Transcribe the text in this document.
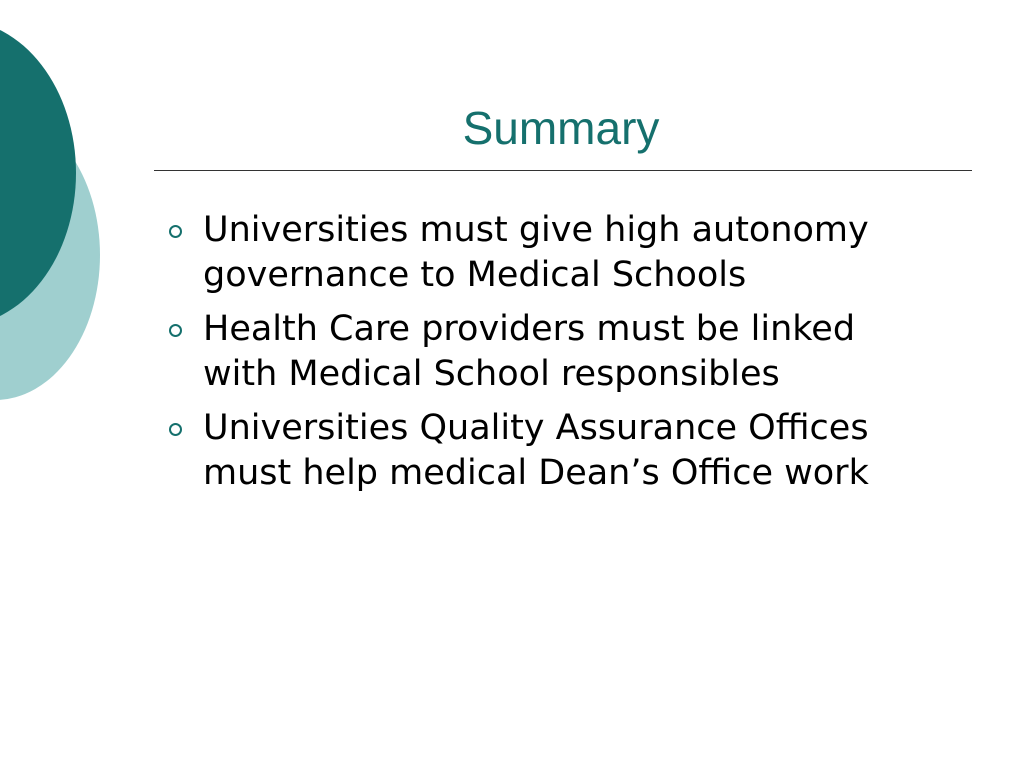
Summary
Universities must give high autonomy governance to Medical Schools
Health Care providers must be linked with Medical School responsibles
Universities Quality Assurance Offices must help medical Dean’s Office work
